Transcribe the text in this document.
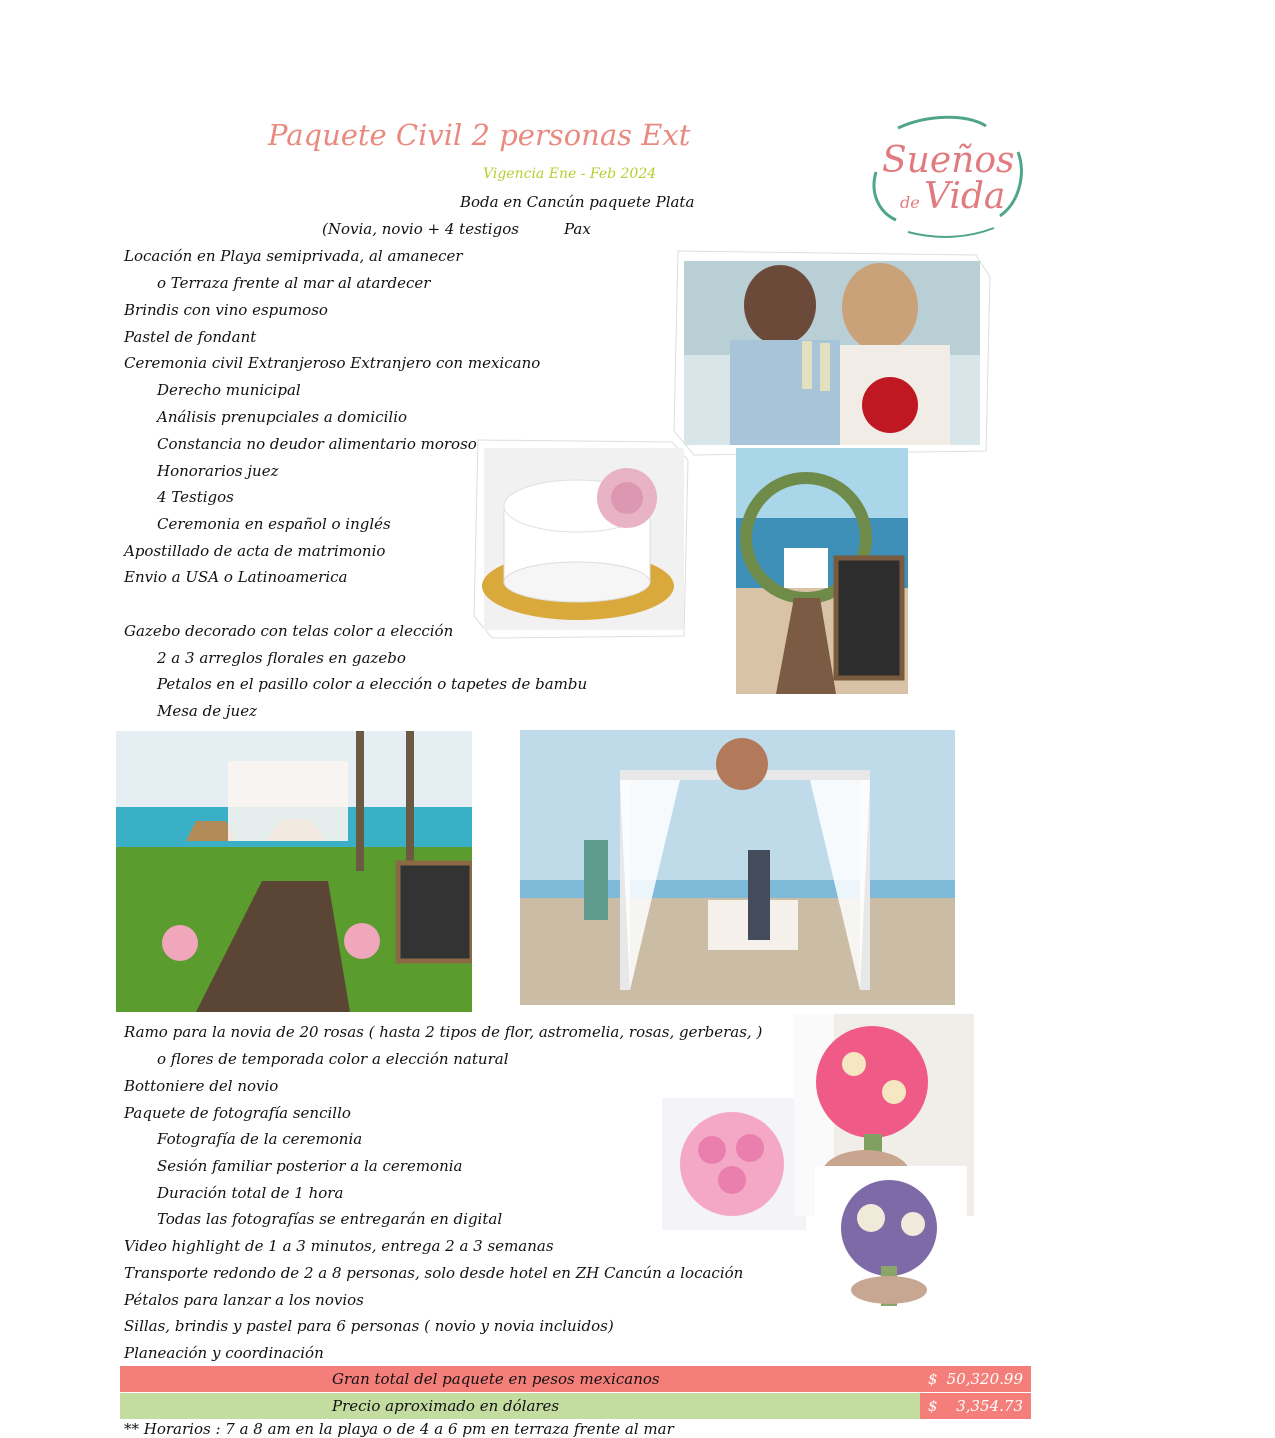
Paquete Civil 2 personas Ext
Vigencia Ene - Feb 2024
Boda en Cancún paquete Plata
(Novia, novio + 4 testigos	Pax
Sueños
de Vida
Locación en Playa semiprivada, al amanecer
o Terraza frente al mar al atardecer
Brindis con vino espumoso
Pastel de fondant
Ceremonia civil Extranjeroso Extranjero con mexicano
Derecho municipal
Análisis prenupciales a domicilio
Constancia no deudor alimentario moroso
Honorarios juez
4 Testigos
Ceremonia en español o inglés
Apostillado de acta de matrimonio
Envio a USA o Latinoamerica
Gazebo decorado con telas color a elección
2 a 3 arreglos florales en gazebo
Petalos en el pasillo color a elección o tapetes de bambu
Mesa de juez
Ramo para la novia de 20 rosas ( hasta 2 tipos de flor, astromelia, rosas, gerberas, )
o flores de temporada color a elección natural
Bottoniere del novio
Paquete de fotografía sencillo
Fotografía de la ceremonia
Sesión familiar posterior a la ceremonia
Duración total de 1 hora
Todas las fotografías se entregarán en digital
Video highlight de 1 a 3 minutos, entrega 2 a 3 semanas
Transporte redondo de 2 a 8 personas, solo desde hotel en ZH Cancún a locación
Pétalos para lanzar a los novios
Sillas, brindis y pastel para 6 personas ( novio y novia incluidos)
Planeación y coordinación
Gran total del paquete en pesos mexicanos	$ 50,320.99
Precio aproximado en dólares	$ 3,354.73
** Horarios : 7 a 8 am en la playa o de 4 a 6 pm en terraza frente al mar
